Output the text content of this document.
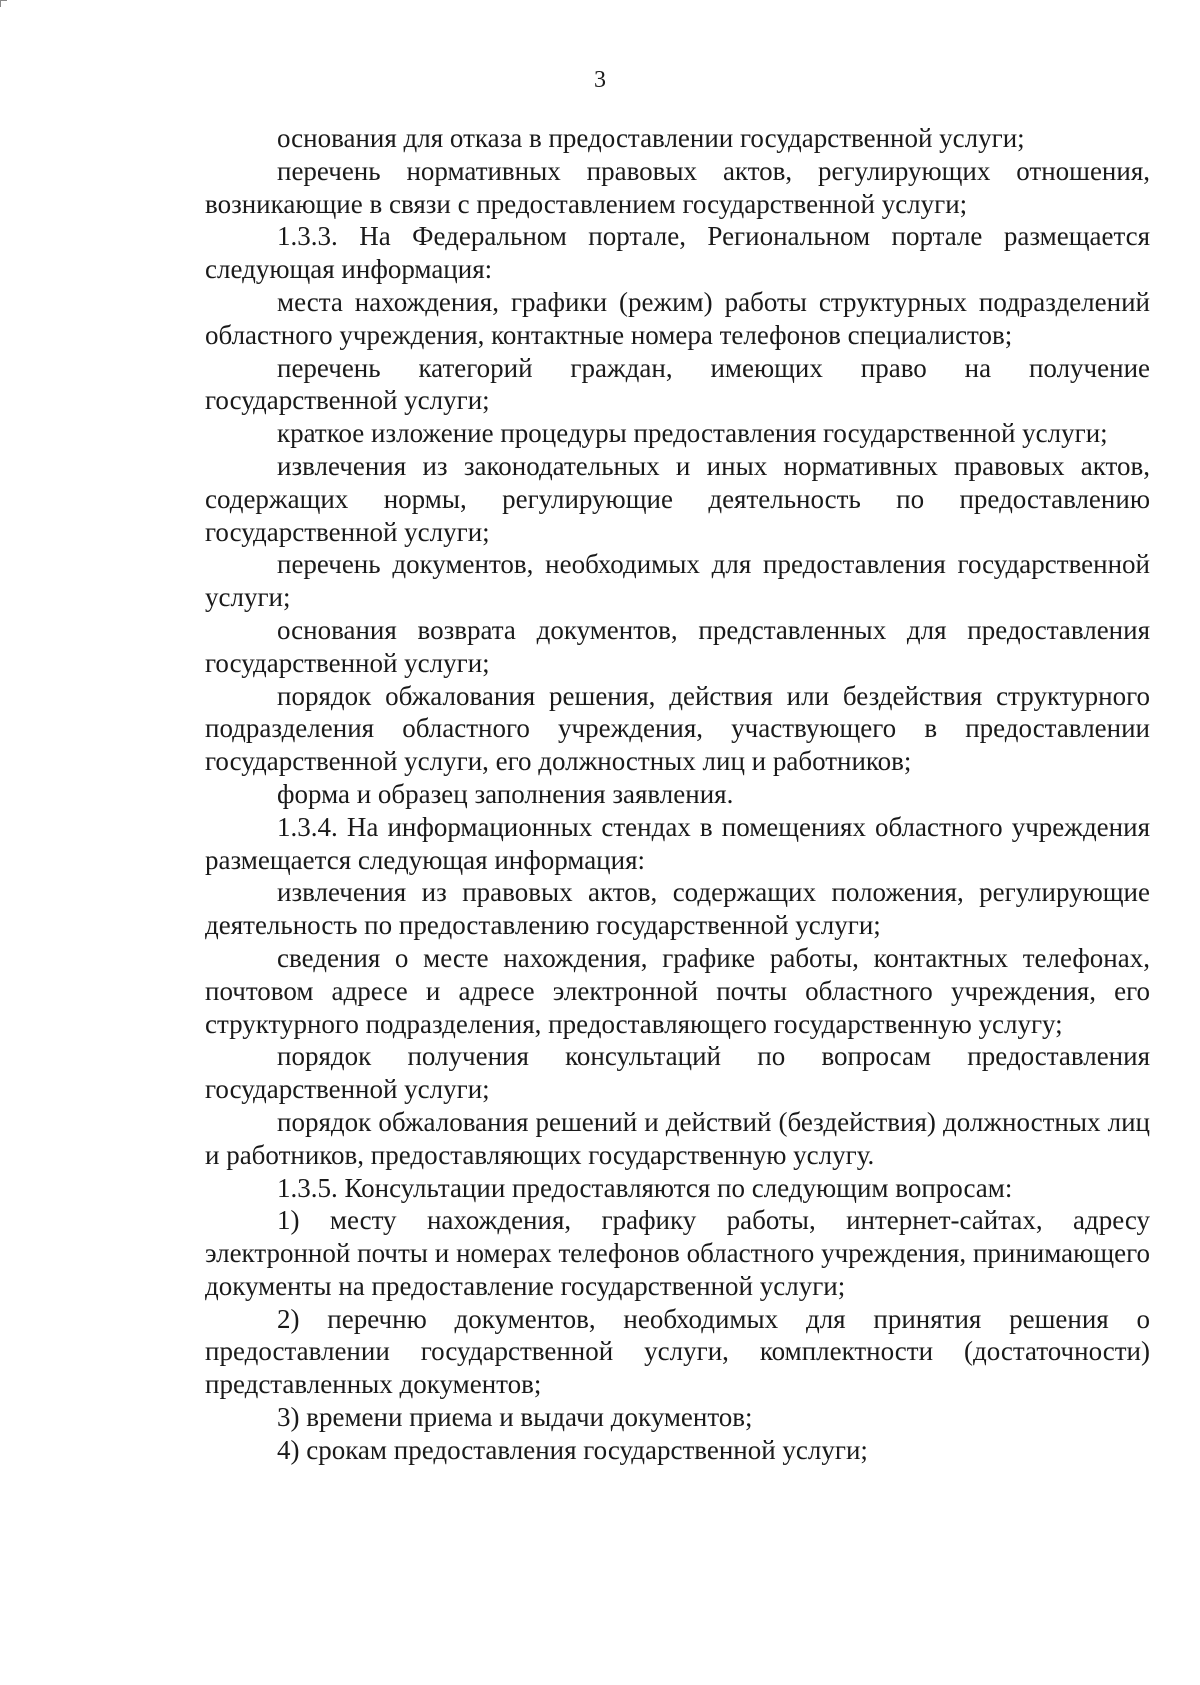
3

основания для отказа в предоставлении государственной услуги;

перечень нормативных правовых актов, регулирующих отношения, возникающие в связи с предоставлением государственной услуги;

1.3.3. На Федеральном портале, Региональном портале размещается следующая информация:

места нахождения, графики (режим) работы структурных подразделений областного учреждения, контактные номера телефонов специалистов;

перечень категорий граждан, имеющих право на получение государственной услуги;

краткое изложение процедуры предоставления государственной услуги;

извлечения из законодательных и иных нормативных правовых актов, содержащих нормы, регулирующие деятельность по предоставлению государственной услуги;

перечень документов, необходимых для предоставления государственной услуги;

основания возврата документов, представленных для предоставления государственной услуги;

порядок обжалования решения, действия или бездействия структурного подразделения областного учреждения, участвующего в предоставлении государственной услуги, его должностных лиц и работников;

форма и образец заполнения заявления.

1.3.4. На информационных стендах в помещениях областного учреждения размещается следующая информация:

извлечения из правовых актов, содержащих положения, регулирующие деятельность по предоставлению государственной услуги;

сведения о месте нахождения, графике работы, контактных телефонах, почтовом адресе и адресе электронной почты областного учреждения, его структурного подразделения, предоставляющего государственную услугу;

порядок получения консультаций по вопросам предоставления государственной услуги;

порядок обжалования решений и действий (бездействия) должностных лиц и работников, предоставляющих государственную услугу.

1.3.5. Консультации предоставляются по следующим вопросам:

1) месту нахождения, графику работы, интернет-сайтах, адресу электронной почты и номерах телефонов областного учреждения, принимающего документы на предоставление государственной услуги;

2) перечню документов, необходимых для принятия решения о предоставлении государственной услуги, комплектности (достаточности) представленных документов;

3) времени приема и выдачи документов;

4) срокам предоставления государственной услуги;
